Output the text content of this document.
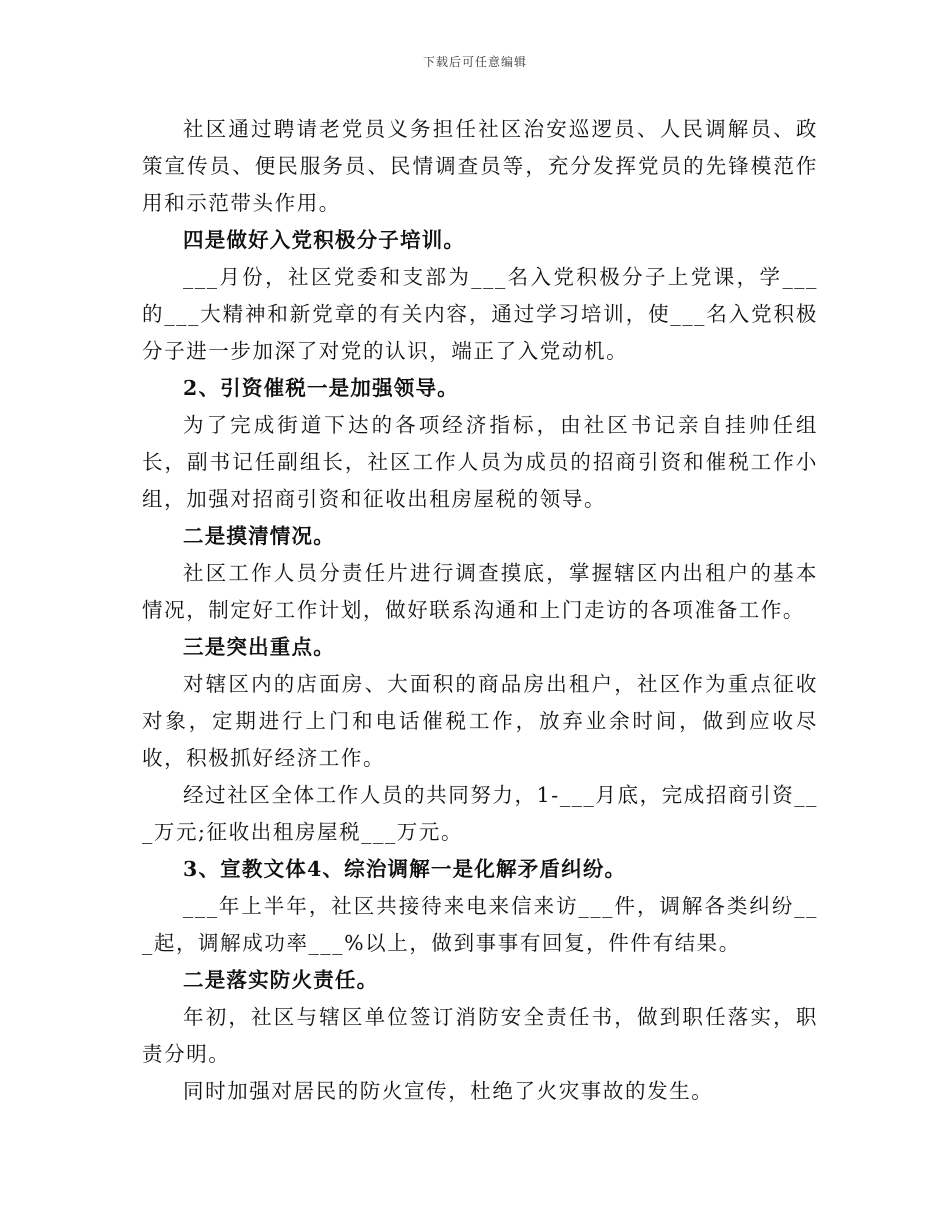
下载后可任意编辑

社区通过聘请老党员义务担任社区治安巡逻员、人民调解员、政策宣传员、便民服务员、民情调查员等，充分发挥党员的先锋模范作用和示范带头作用。

四是做好入党积极分子培训。

___月份，社区党委和支部为___名入党积极分子上党课，学___的___大精神和新党章的有关内容，通过学习培训，使___名入党积极分子进一步加深了对党的认识，端正了入党动机。

2、引资催税一是加强领导。

为了完成街道下达的各项经济指标，由社区书记亲自挂帅任组长，副书记任副组长，社区工作人员为成员的招商引资和催税工作小组，加强对招商引资和征收出租房屋税的领导。

二是摸清情况。

社区工作人员分责任片进行调查摸底，掌握辖区内出租户的基本情况，制定好工作计划，做好联系沟通和上门走访的各项准备工作。

三是突出重点。

对辖区内的店面房、大面积的商品房出租户，社区作为重点征收对象，定期进行上门和电话催税工作，放弃业余时间，做到应收尽收，积极抓好经济工作。

经过社区全体工作人员的共同努力，1-___月底，完成招商引资___万元;征收出租房屋税___万元。

3、宣教文体4、综治调解一是化解矛盾纠纷。

___年上半年，社区共接待来电来信来访___件，调解各类纠纷___起，调解成功率___%以上，做到事事有回复，件件有结果。

二是落实防火责任。

年初，社区与辖区单位签订消防安全责任书，做到职任落实，职责分明。

同时加强对居民的防火宣传，杜绝了火灾事故的发生。
